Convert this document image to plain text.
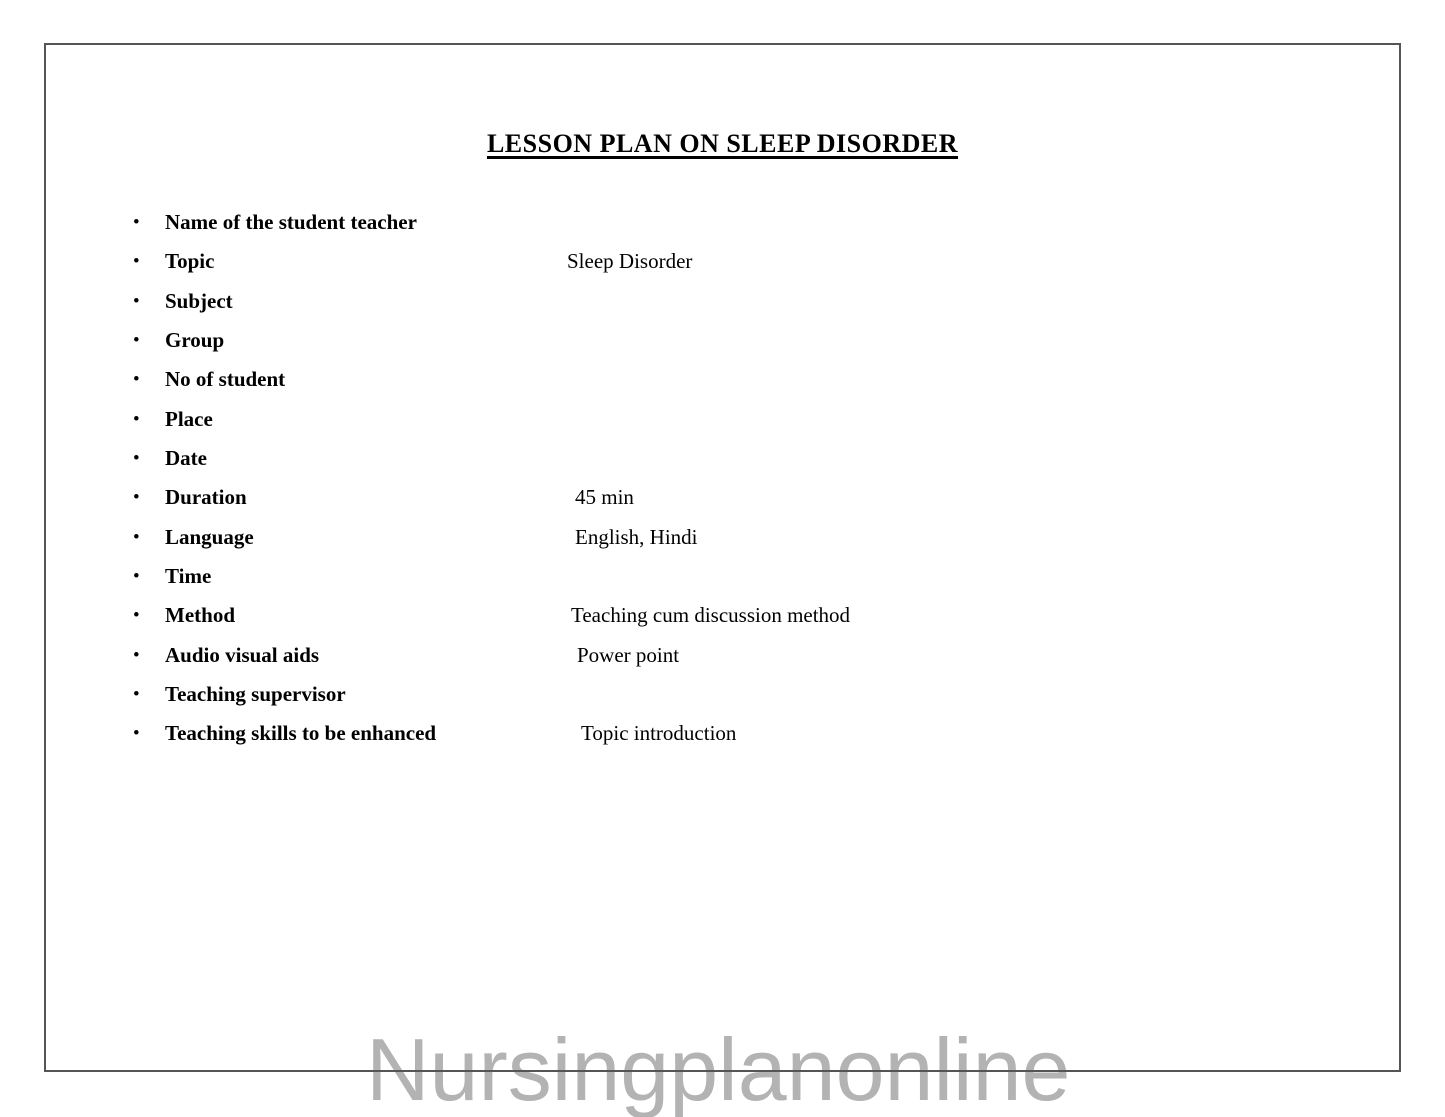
Nursingplanonline
LESSON PLAN ON SLEEP DISORDER
• Name of the student teacher
• Topic	Sleep Disorder
• Subject
• Group
• No of student
• Place
• Date
• Duration	45 min
• Language	English, Hindi
• Time
• Method	Teaching cum discussion method
• Audio visual aids	Power point
• Teaching supervisor
• Teaching skills to be enhanced	Topic introduction
